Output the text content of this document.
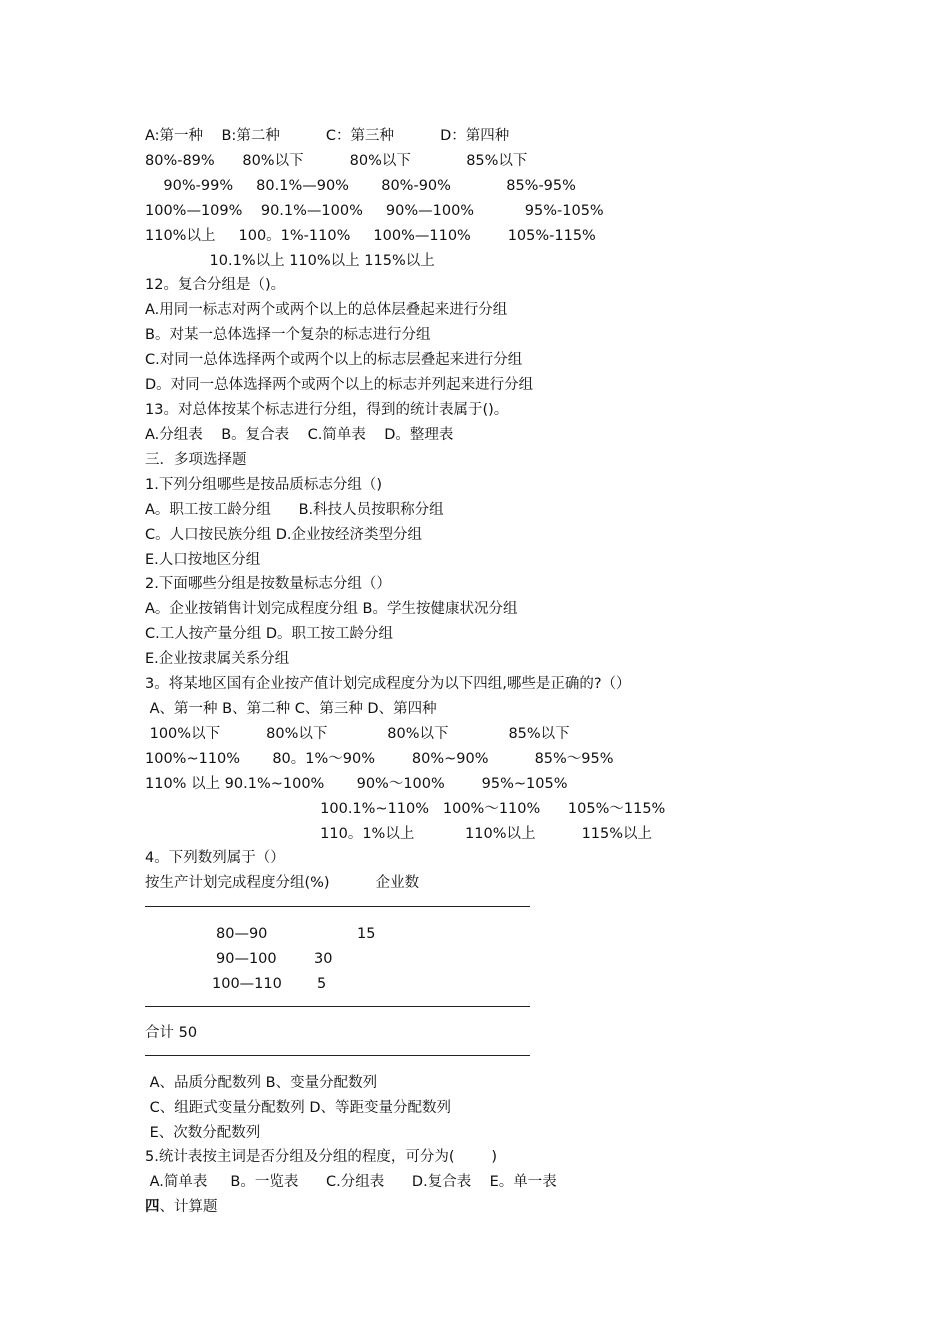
A:第一种    B:第二种          C：第三种          D：第四种
80%-89%      80%以下          80%以下            85%以下
90%-99%     80.1%—90%       80%-90%            85%-95%
100%—109%    90.1%—100%     90%—100%           95%-105%
110%以上     100。1%-110%     100%—110%        105%-115%
10.1%以上 110%以上 115%以上
12。复合分组是（)。
A.用同一标志对两个或两个以上的总体层叠起来进行分组
B。对某一总体选择一个复杂的标志进行分组
C.对同一总体选择两个或两个以上的标志层叠起来进行分组
D。对同一总体选择两个或两个以上的标志并列起来进行分组
13。对总体按某个标志进行分组，得到的统计表属于()。
A.分组表    B。复合表    C.简单表    D。整理表
三．多项选择题
1.下列分组哪些是按品质标志分组（)
A。职工按工龄分组      B.科技人员按职称分组
C。人口按民族分组 D.企业按经济类型分组
E.人口按地区分组
2.下面哪些分组是按数量标志分组（）
A。企业按销售计划完成程度分组 B。学生按健康状况分组
C.工人按产量分组 D。职工按工龄分组
E.企业按隶属关系分组
3。将某地区国有企业按产值计划完成程度分为以下四组,哪些是正确的?（）
A、第一种 B、第二种 C、第三种 D、第四种
100%以下          80%以下             80%以下             85%以下
100%~110%       80。1%～90%        80%~90%          85%～95%
110% 以上 90.1%~100%       90%～100%        95%~105%
100.1%~110%   100%～110%      105%～115%
110。1%以上           110%以上          115%以上
4。下列数列属于（）
按生产计划完成程度分组(%)          企业数
80—90	15
90—100	30
100—110 5
合计 50
A、品质分配数列 B、变量分配数列
C、组距式变量分配数列 D、等距变量分配数列
E、次数分配数列
5.统计表按主词是否分组及分组的程度，可分为(        )
A.简单表     B。一览表      C.分组表      D.复合表    E。单一表
四、计算题
